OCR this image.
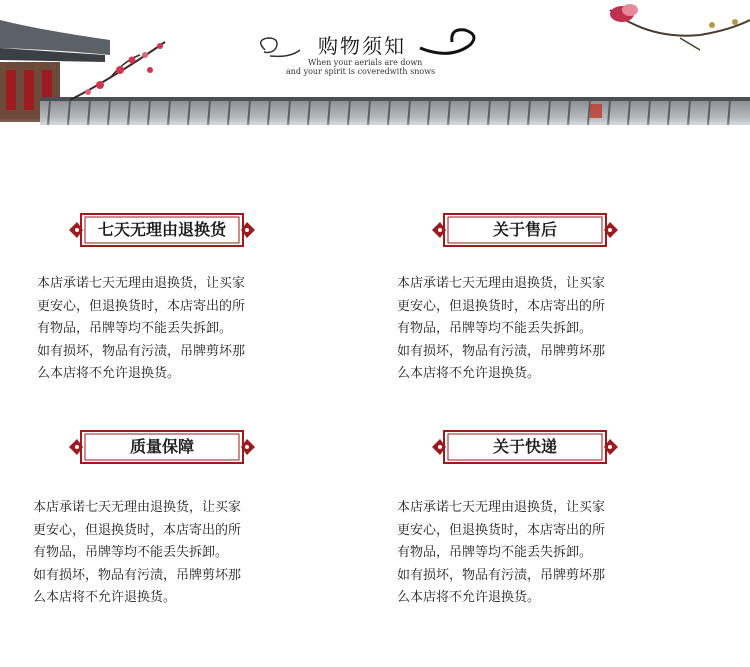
购物须知
When your aerials are down
and your spirit is coveredwith snows
七天无理由退换货
本店承诺七天无理由退换货，让买家
更安心，但退换货时，本店寄出的所
有物品，吊牌等均不能丢失拆卸。
如有损坏，物品有污渍，吊牌剪坏那
么本店将不允许退换货。
关于售后
本店承诺七天无理由退换货，让买家
更安心，但退换货时，本店寄出的所
有物品，吊牌等均不能丢失拆卸。
如有损坏，物品有污渍，吊牌剪坏那
么本店将不允许退换货。
质量保障
本店承诺七天无理由退换货，让买家
更安心，但退换货时，本店寄出的所
有物品，吊牌等均不能丢失拆卸。
如有损坏，物品有污渍，吊牌剪坏那
么本店将不允许退换货。
关于快递
本店承诺七天无理由退换货，让买家
更安心，但退换货时，本店寄出的所
有物品，吊牌等均不能丢失拆卸。
如有损坏，物品有污渍，吊牌剪坏那
么本店将不允许退换货。
